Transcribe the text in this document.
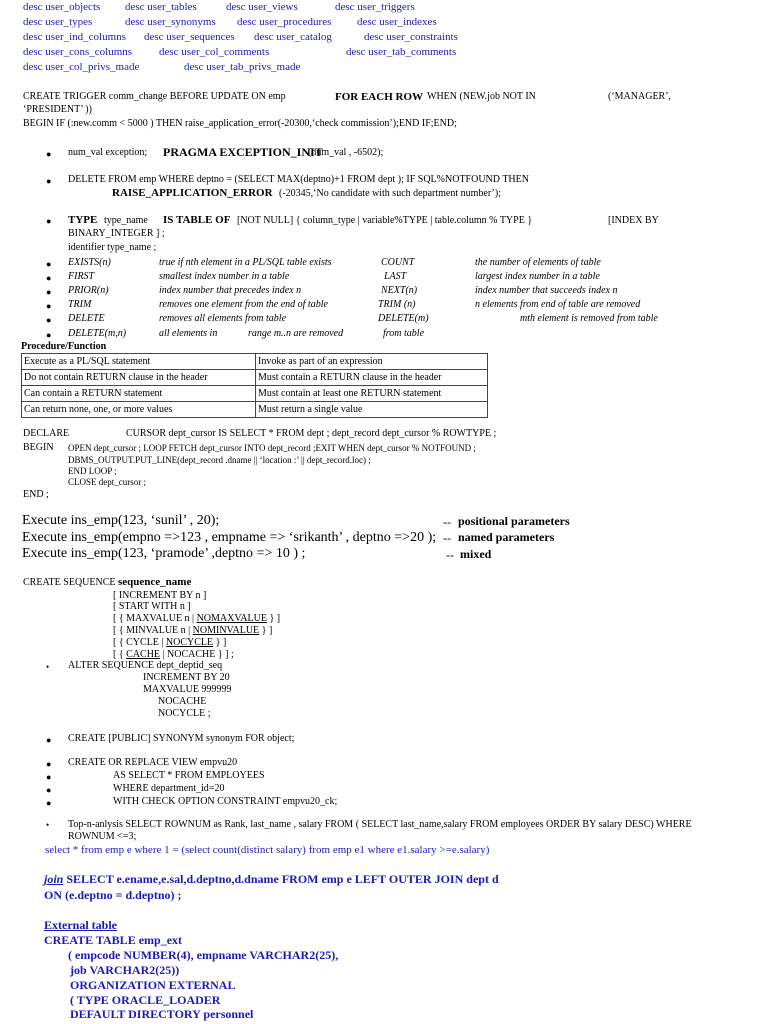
desc user_objects desc user_tables	desc user_views	desc user_triggers
desc user_types	desc user_synonyms desc user_procedures desc user_indexes
desc user_ind_columns desc user_sequences desc user_catalog	desc user_constraints
desc user_cons_columns desc user_col_comments	desc user_tab_comments
desc user_col_privs_made	desc user_tab_privs_made
CREATE TRIGGER comm_change BEFORE UPDATE ON emp	FOR EACH ROW WHEN (NEW.job NOT IN	(‘MANAGER’,
‘PRESIDENT’ ))
BEGIN IF (:new.comm < 5000 ) THEN raise_application_error(-20300,‘check commission’);END IF;END;
● num_val exception; PRAGMA EXCEPTION_INIT
(num_val , -6502);
● DELETE FROM emp WHERE deptno = (SELECT MAX(deptno)+1 FROM dept ); IF SQL%NOTFOUND THEN
RAISE_APPLICATION_ERROR (-20345,‘No candidate with such department number’);
● TYPE type_name IS TABLE OF [NOT NULL] { column_type | variable%TYPE | table.column % TYPE }	[INDEX BY
BINARY_INTEGER ] ;
identifier type_name ;
● EXISTS(n)	true if nth element in a PL/SQL table exists	COUNT	the number of elements of table
● FIRST	smallest index number in a table	LAST	largest index number in a table
● PRIOR(n)	index number that precedes index n	NEXT(n)	index number that succeeds index n
● TRIM	removes one element from the end of table	TRIM (n)	n elements from end of table are removed
● DELETE	removes all elements from table	DELETE(m)	mth element is removed from table
● DELETE(m,n)	all elements in	range m..n are removed	from table
Procedure/Function
Execute as a PL/SQL statement	Invoke as part of an expression
Do not contain RETURN clause in the header	Must contain a RETURN clause in the header
Can contain a RETURN statement	Must contain at least one RETURN statement
Can return none, one, or more values	Must return a single value
DECLARE	CURSOR dept_cursor IS SELECT * FROM dept ; dept_record dept_cursor % ROWTYPE ;
BEGIN OPEN dept_cursor ; LOOP FETCH dept_cursor INTO dept_record ;EXIT WHEN dept_cursor % NOTFOUND ;
DBMS_OUTPUT.PUT_LINE(dept_record .dname || ‘location :’ || dept_record.loc) ;
END LOOP ;
CLOSE dept_cursor ;
END ;
Execute ins_emp(123, ‘sunil’ , 20);	-- positional parameters
Execute ins_emp(empno =>123 , empname => ‘srikanth’ , deptno =>20 ); -- named parameters
Execute ins_emp(123, ‘pramode’ ,deptno => 10 ) ;	-- mixed
CREATE SEQUENCE sequence_name
[ INCREMENT BY n ]
[ START WITH n ]
[ { MAXVALUE n | NOMAXVALUE } ]
[ { MINVALUE n | NOMINVALUE } ]
[ { CYCLE | NOCYCLE } ]
[ { CACHE | NOCACHE } ] ;
• ALTER SEQUENCE dept_deptid_seq
INCREMENT BY 20
MAXVALUE 999999
NOCACHE
NOCYCLE ;
● CREATE [PUBLIC] SYNONYM synonym FOR object;
● CREATE OR REPLACE VIEW empvu20
●	AS SELECT * FROM EMPLOYEES
●	WHERE department_id=20
●	WITH CHECK OPTION CONSTRAINT empvu20_ck;
• Top-n-anlysis SELECT ROWNUM as Rank, last_name , salary FROM ( SELECT last_name,salary FROM employees ORDER BY salary DESC) WHERE
ROWNUM <=3;
select * from emp e where 1 = (select count(distinct salary) from emp e1 where e1.salary >=e.salary)
join SELECT e.ename,e.sal,d.deptno,d.dname FROM emp e LEFT OUTER JOIN dept d
ON (e.deptno = d.deptno) ;
External table
CREATE TABLE emp_ext
( empcode NUMBER(4), empname VARCHAR2(25),
job VARCHAR2(25))
ORGANIZATION EXTERNAL
( TYPE ORACLE_LOADER
DEFAULT DIRECTORY personnel
